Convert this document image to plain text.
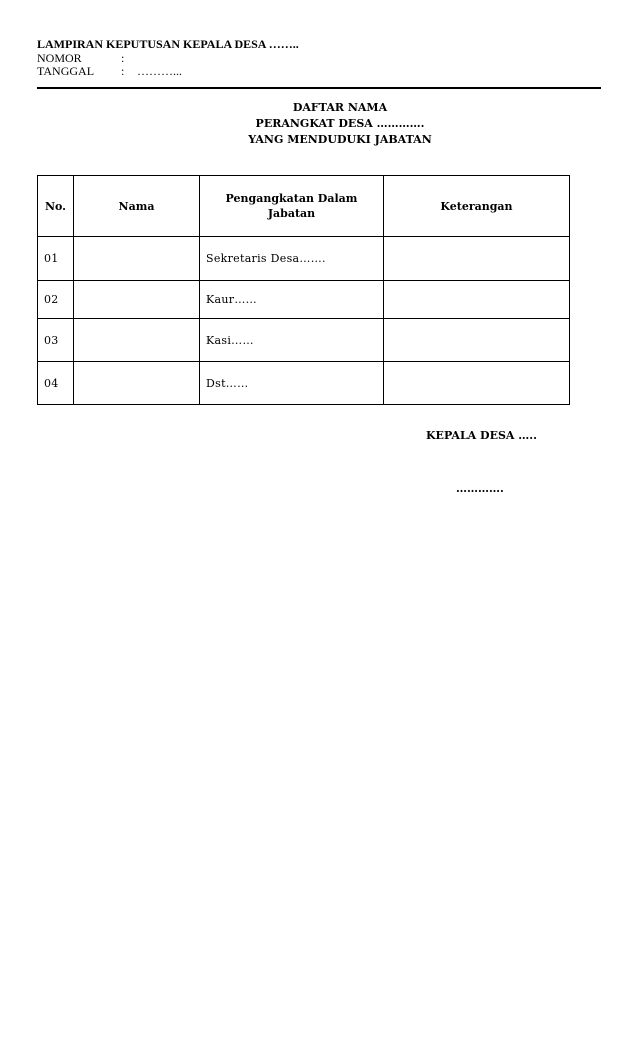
LAMPIRAN KEPUTUSAN KEPALA DESA ……..
NOMOR	:
TANGGAL	:	………...
DAFTAR NAMA
PERANGKAT DESA ………….
YANG MENDUDUKI JABATAN
No.	Nama	Pengangkatan Dalam Jabatan	Keterangan
01		Sekretaris Desa…….	
02		Kaur……	
03		Kasi……	
04		Dst……	
KEPALA DESA …..
………….
